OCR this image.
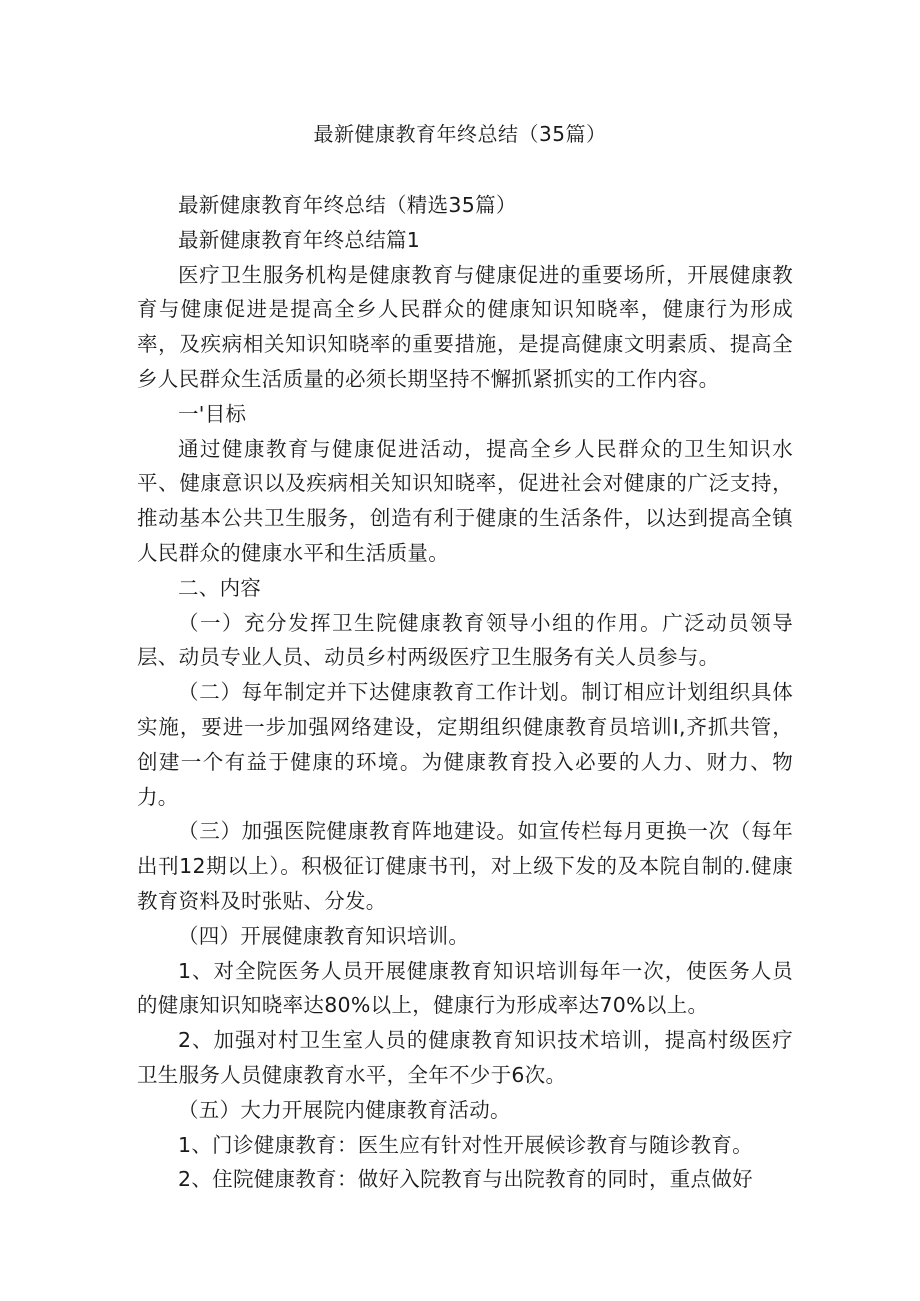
最新健康教育年终总结（35篇）

最新健康教育年终总结（精选35篇）

最新健康教育年终总结篇1

医疗卫生服务机构是健康教育与健康促进的重要场所，开展健康教育与健康促进是提高全乡人民群众的健康知识知晓率，健康行为形成率，及疾病相关知识知晓率的重要措施，是提高健康文明素质、提高全乡人民群众生活质量的必须长期坚持不懈抓紧抓实的工作内容。

一'目标

通过健康教育与健康促进活动，提高全乡人民群众的卫生知识水平、健康意识以及疾病相关知识知晓率，促进社会对健康的广泛支持，推动基本公共卫生服务，创造有利于健康的生活条件，以达到提高全镇人民群众的健康水平和生活质量。

二、内容

（一）充分发挥卫生院健康教育领导小组的作用。广泛动员领导层、动员专业人员、动员乡村两级医疗卫生服务有关人员参与。

（二）每年制定并下达健康教育工作计划。制订相应计划组织具体实施，要进一步加强网络建设，定期组织健康教育员培训I,齐抓共管，创建一个有益于健康的环境。为健康教育投入必要的人力、财力、物力。

（三）加强医院健康教育阵地建设。如宣传栏每月更换一次（每年出刊12期以上）。积极征订健康书刊，对上级下发的及本院自制的.健康教育资料及时张贴、分发。

（四）开展健康教育知识培训。

1、对全院医务人员开展健康教育知识培训每年一次，使医务人员的健康知识知晓率达80%以上，健康行为形成率达70%以上。

2、加强对村卫生室人员的健康教育知识技术培训，提高村级医疗卫生服务人员健康教育水平，全年不少于6次。

（五）大力开展院内健康教育活动。

1、门诊健康教育：医生应有针对性开展候诊教育与随诊教育。

2、住院健康教育：做好入院教育与出院教育的同时，重点做好
